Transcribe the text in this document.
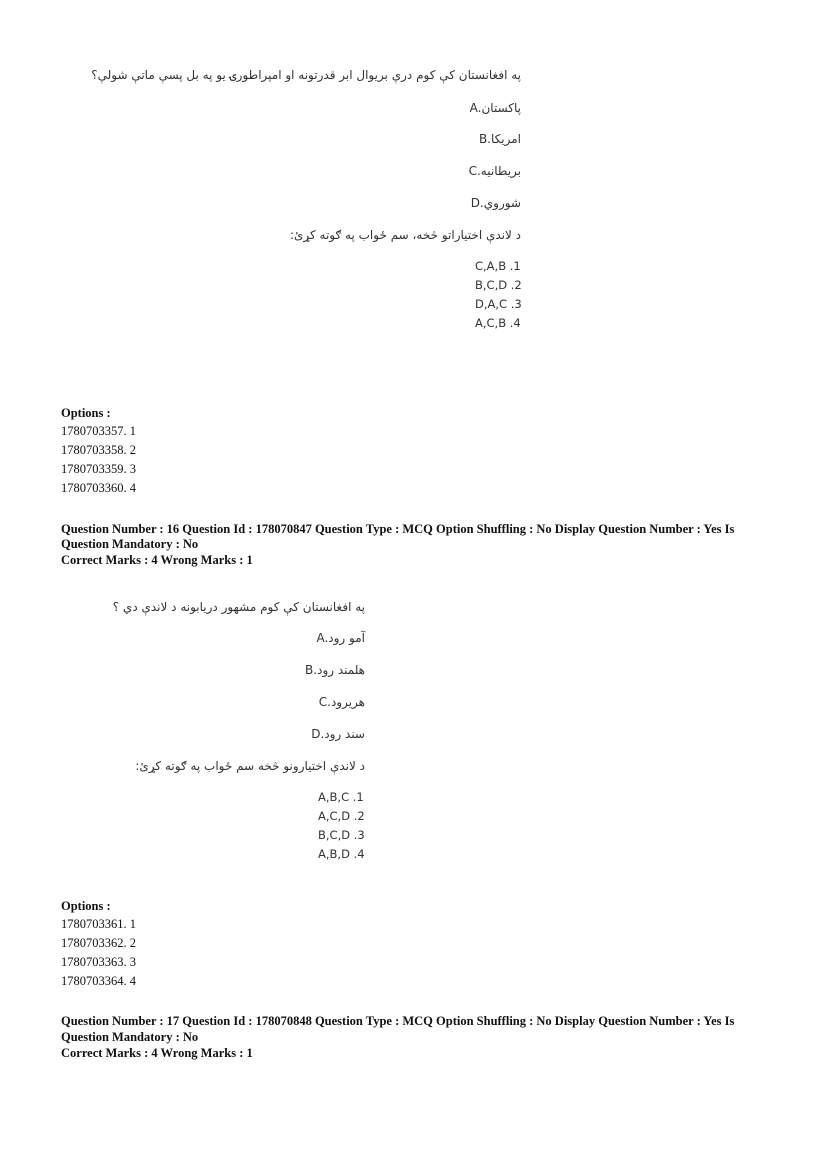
په افغانستان کې کوم درې بریوال ابر قدرتونه او امپراطورۍ یو په بل پسې ماتې شولې؟
A.پاکستان
B.امریکا
C.بریطانیه
D.شوروي
د لاندې اختیاراتو څخه، سم ځواب په ګوته کړئ:
C,A,B .1
B,C,D .2
D,A,C .3
A,C,B .4
Options :
1780703357. 1
1780703358. 2
1780703359. 3
1780703360. 4
Question Number : 16 Question Id : 178070847 Question Type : MCQ Option Shuffling : No Display Question Number : Yes Is
Question Mandatory : No
Correct Marks : 4 Wrong Marks : 1
په افغانستان کې کوم مشهور دریابونه د لاندې دي ؟
A.آمو رود
B.هلمند رود
C.هریرود
D.سند رود
د لاندې اختیارونو څخه سم ځواب په ګوته کړئ:
A,B,C .1
A,C,D .2
B,C,D .3
A,B,D .4
Options :
1780703361. 1
1780703362. 2
1780703363. 3
1780703364. 4
Question Number : 17 Question Id : 178070848 Question Type : MCQ Option Shuffling : No Display Question Number : Yes Is
Question Mandatory : No
Correct Marks : 4 Wrong Marks : 1
